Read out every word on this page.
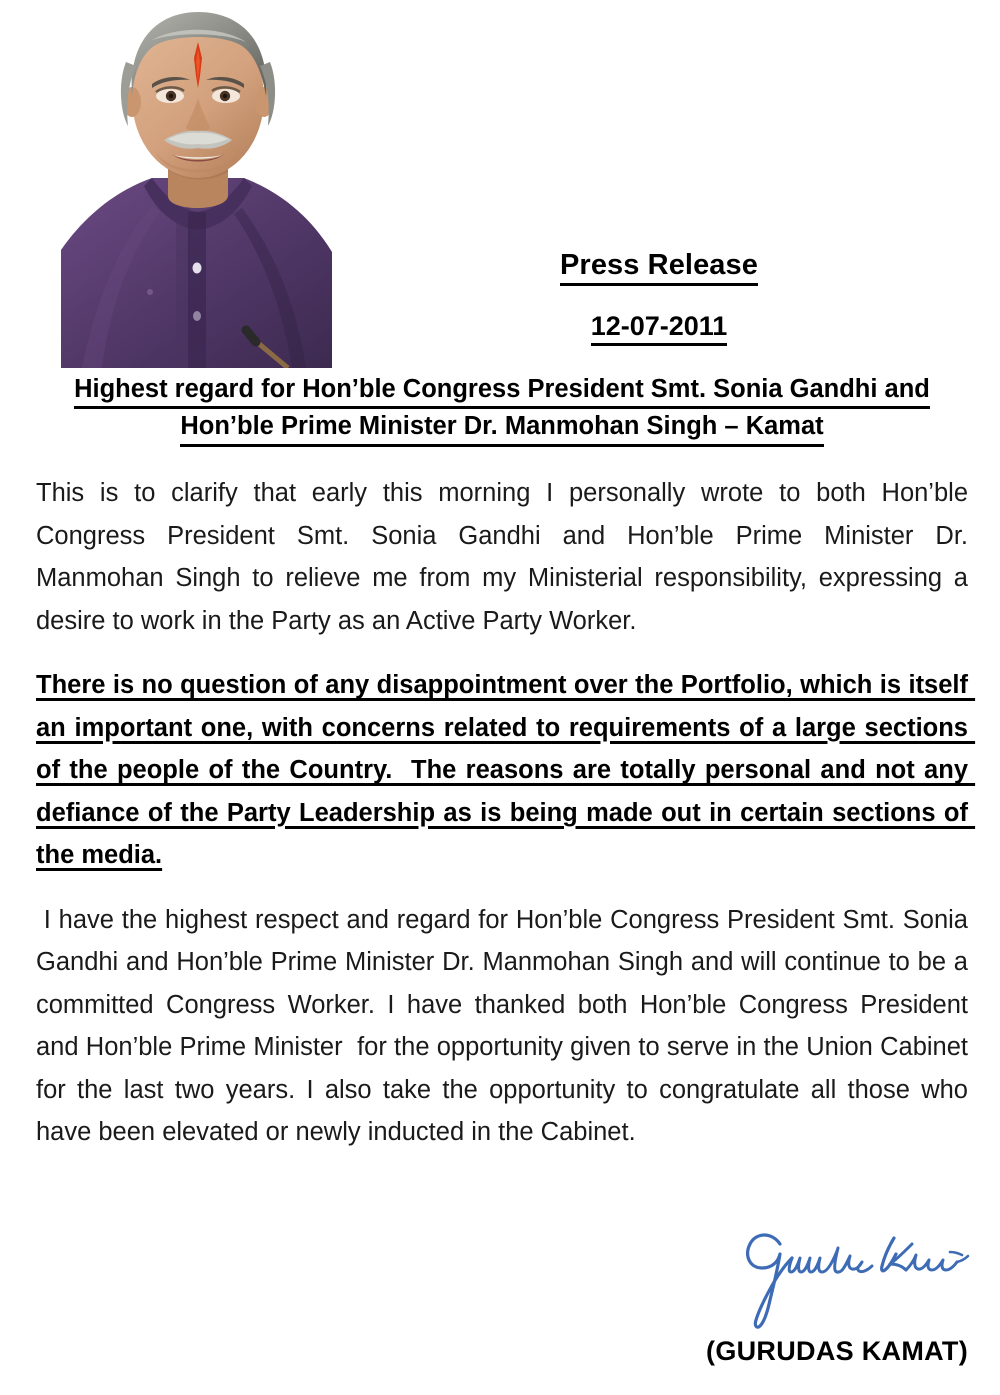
Press Release
12-07-2011
Highest regard for Hon’ble Congress President Smt. Sonia Gandhi and
Hon’ble Prime Minister Dr. Manmohan Singh – Kamat

This is to clarify that early this morning I personally wrote to both Hon’ble Congress President Smt. Sonia Gandhi and Hon’ble Prime Minister Dr. Manmohan Singh to relieve me from my Ministerial responsibility, expressing a desire to work in the Party as an Active Party Worker.

There is no question of any disappointment over the Portfolio, which is itself an important one, with concerns related to requirements of a large sections of the people of the Country.  The reasons are totally personal and not any defiance of the Party Leadership as is being made out in certain sections of the media.

I have the highest respect and regard for Hon’ble Congress President Smt. Sonia Gandhi and Hon’ble Prime Minister Dr. Manmohan Singh and will continue to be a committed Congress Worker. I have thanked both Hon’ble Congress President and Hon’ble Prime Minister  for the opportunity given to serve in the Union Cabinet for the last two years. I also take the opportunity to congratulate all those who have been elevated or newly inducted in the Cabinet.

(GURUDAS KAMAT)
